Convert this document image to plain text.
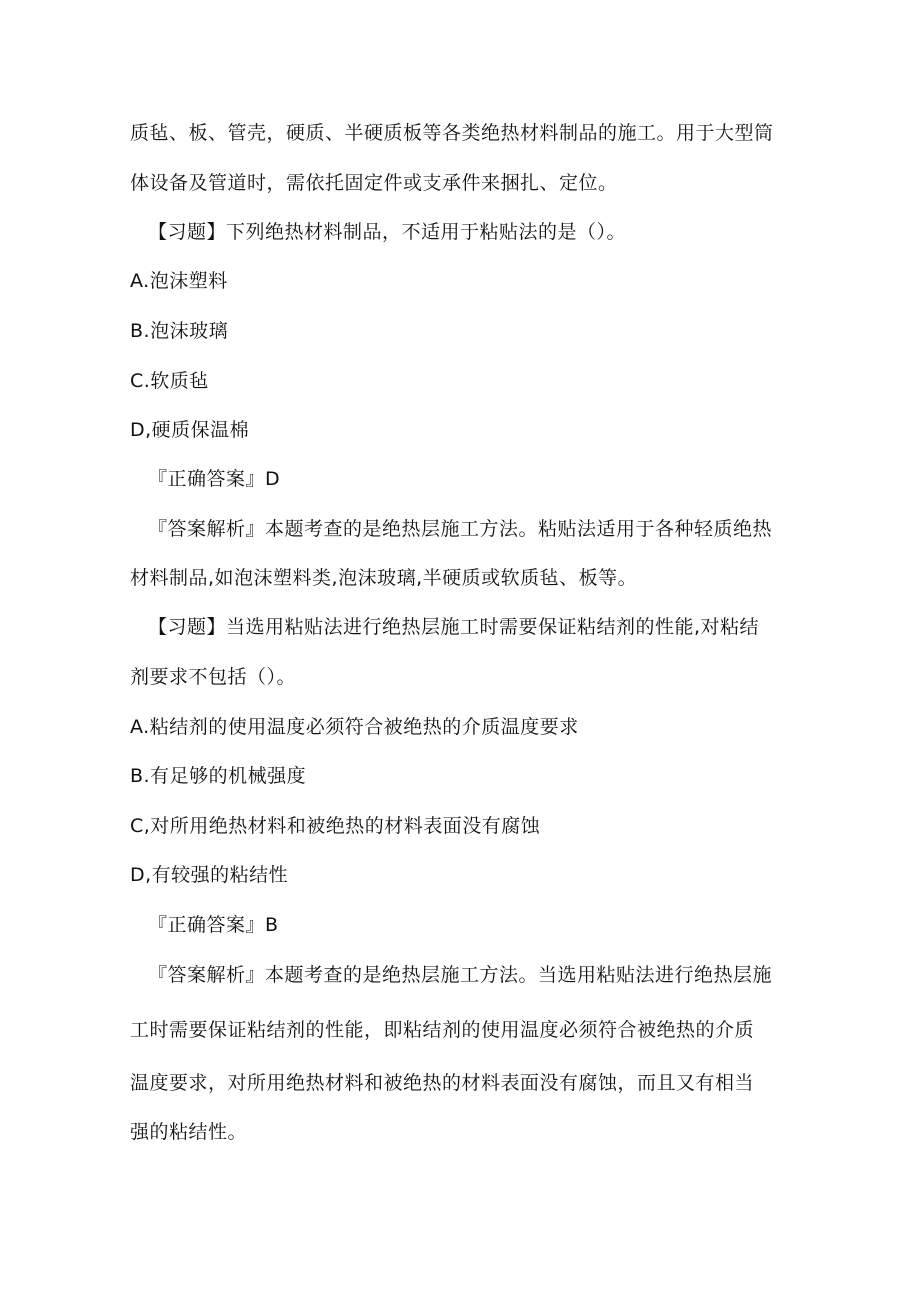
质毡、板、管壳，硬质、半硬质板等各类绝热材料制品的施工。用于大型筒
体设备及管道时，需依托固定件或支承件来捆扎、定位。
【习题】下列绝热材料制品，不适用于粘贴法的是（）。
A.泡沫塑料
B.泡沫玻璃
C.软质毡
D,硬质保温棉
『正确答案』D
『答案解析』本题考查的是绝热层施工方法。粘贴法适用于各种轻质绝热
材料制品,如泡沫塑料类,泡沫玻璃,半硬质或软质毡、板等。
【习题】当选用粘贴法进行绝热层施工时需要保证粘结剂的性能,对粘结
剂要求不包括（）。
A.粘结剂的使用温度必须符合被绝热的介质温度要求
B.有足够的机械强度
C,对所用绝热材料和被绝热的材料表面没有腐蚀
D,有较强的粘结性
『正确答案』B
『答案解析』本题考查的是绝热层施工方法。当选用粘贴法进行绝热层施
工时需要保证粘结剂的性能，即粘结剂的使用温度必须符合被绝热的介质
温度要求，对所用绝热材料和被绝热的材料表面没有腐蚀，而且又有相当
强的粘结性。
